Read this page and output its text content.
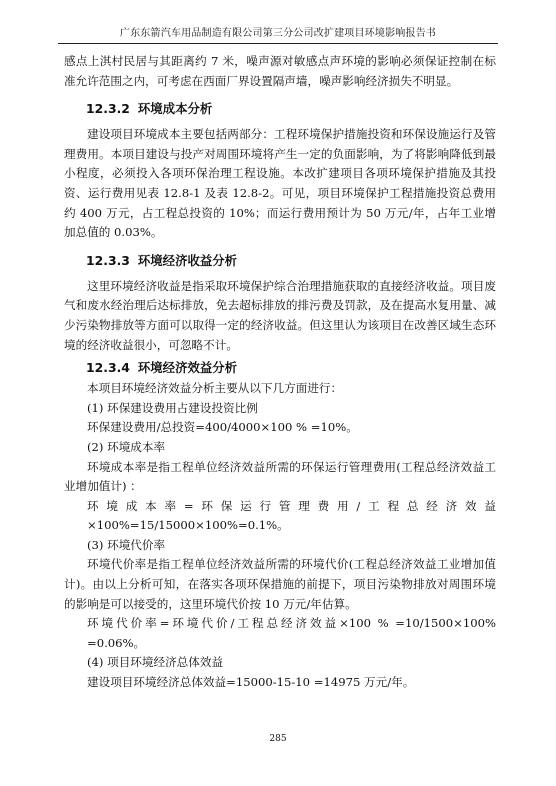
广东东箭汽车用品制造有限公司第三分公司改扩建项目环境影响报告书

感点上淇村民居与其距离约 7 米，噪声源对敏感点声环境的影响必须保证控制在标准允许范围之内，可考虑在西面厂界设置隔声墙，噪声影响经济损失不明显。

12.3.2 环境成本分析

建设项目环境成本主要包括两部分：工程环境保护措施投资和环保设施运行及管理费用。本项目建设与投产对周围环境将产生一定的负面影响，为了将影响降低到最小程度，必须投入各项环保治理工程设施。本改扩建项目各项环境保护措施及其投资、运行费用见表 12.8-1 及表 12.8-2。可见，项目环境保护工程措施投资总费用约 400 万元，占工程总投资的 10%；而运行费用预计为 50 万元/年，占年工业增加总值的 0.03%。

12.3.3 环境经济收益分析

这里环境经济收益是指采取环境保护综合治理措施获取的直接经济收益。项目废气和废水经治理后达标排放，免去超标排放的排污费及罚款，及在提高水复用量、减少污染物排放等方面可以取得一定的经济收益。但这里认为该项目在改善区域生态环境的经济收益很小，可忽略不计。

12.3.4 环境经济效益分析

本项目环境经济效益分析主要从以下几方面进行：

(1) 环保建设费用占建设投资比例

环保建设费用/总投资=400/4000×100 % =10%。

(2) 环境成本率

环境成本率是指工程单位经济效益所需的环保运行管理费用(工程总经济效益工业增加值计) ：

环境成本率=环保运行管理费用/工程总经济效益×100%=15/15000×100%=0.1%。

(3) 环境代价率

环境代价率是指工程单位经济效益所需的环境代价(工程总经济效益工业增加值计)。由以上分析可知，在落实各项环保措施的前提下，项目污染物排放对周围环境的影响是可以接受的，这里环境代价按 10 万元/年估算。

环境代价率=环境代价/工程总经济效益×100 % =10/1500×100% =0.06%。

(4) 项目环境经济总体效益

建设项目环境经济总体效益=15000-15-10 =14975 万元/年。

285
